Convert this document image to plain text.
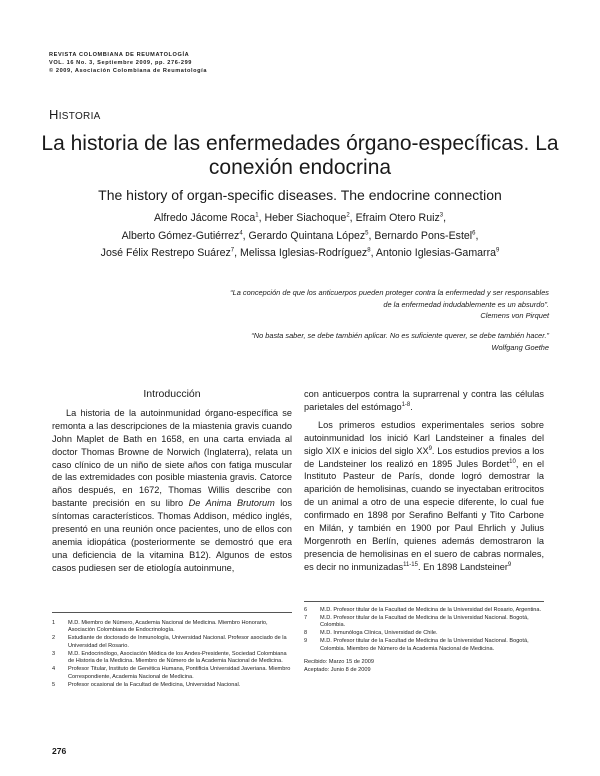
REVISTA COLOMBIANA DE REUMATOLOGÍA
VOL. 16 No. 3, Septiembre 2009, pp. 276-299
© 2009, Asociación Colombiana de Reumatología
HISTORIA
La historia de las enfermedades órgano-específicas. La conexión endocrina
The history of organ-specific diseases. The endocrine connection
Alfredo Jácome Roca$^1$, Heber Siachoque$^2$, Efraim Otero Ruiz$^3$,
Alberto Gómez-Gutiérrez$^4$, Gerardo Quintana López$^5$, Bernardo Pons-Estel$^6$,
José Félix Restrepo Suárez$^7$, Melissa Iglesias-Rodríguez$^8$, Antonio Iglesias-Gamarra$^9$
“La concepción de que los anticuerpos pueden proteger contra la enfermedad y ser responsables
de la enfermedad indudablemente es un absurdo”.
Clemens von Pirquet
“No basta saber, se debe también aplicar. No es suficiente querer, se debe también hacer.”
Wolfgang Goethe
Introducción

La historia de la autoinmunidad órgano-específica se remonta a las descripciones de la miastenia gravis cuando John Maplet de Bath en 1658, en una carta enviada al doctor Thomas Browne de Norwich (Inglaterra), relata un caso clínico de un niño de siete años con fatiga muscular de las extremidades con posible miastenia gravis. Catorce años después, en 1672, Thomas Willis describe con bastante precisión en su libro De Anima Brutorum los síntomas característicos. Thomas Addison, médico inglés, presentó en una reunión once pacientes, uno de ellos con anemia idiopática (posteriormente se demostró que era una deficiencia de la vitamina B12). Algunos de estos casos pudiesen ser de etiología autoinmune,

con anticuerpos contra la suprarrenal y contra las células parietales del estómago$^{1-8}$.

Los primeros estudios experimentales serios sobre autoinmunidad los inició Karl Landsteiner a finales del siglo XIX e inicios del siglo $XX^9$. Los estudios previos a los de Landsteiner los realizó en 1895 Jules Bordet$^{10}$, en el Instituto Pasteur de París, donde logró demostrar la aparición de hemolisinas, cuando se inyectaban eritrocitos de un animal a otro de una especie diferente, lo cual fue confirmado en 1898 por Serafino Belfanti y Tito Carbone en Milán, y también en 1900 por Paul Ehrlich y Julius Morgenroth en Berlín, quienes además demostraron la presencia de hemolisinas en el suero de cabras normales, es decir no inmunizadas$^{11-15}$. En 1898 Landsteiner$^9$

1	M.D. Miembro de Número, Academia Nacional de Medicina. Miembro Honorario, Asociación Colombiana de Endocrinología.
2	Estudiante de doctorado de Inmunología, Universidad Nacional. Profesor asociado de la Universidad del Rosario.
3	M.D. Endocrinólogo, Asociación Médica de los Andes-Presidente, Sociedad Colombiana de Historia de la Medicina. Miembro de Número de la Academia Nacional de Medicina.
4	Profesor Titular, Instituto de Genética Humana, Pontificia Universidad Javeriana. Miembro Correspondiente, Academia Nacional de Medicina.
5	Profesor ocasional de la Facultad de Medicina, Universidad Nacional.
6	M.D. Profesor titular de la Facultad de Medicina de la Universidad del Rosario, Argentina.
7	M.D. Profesor titular de la Facultad de Medicina de la Universidad Nacional. Bogotá, Colombia.
8	M.D. Inmunóloga Clínica, Universidad de Chile.
9	M.D. Profesor titular de la Facultad de Medicina de la Universidad Nacional. Bogotá, Colombia. Miembro de Número de la Academia Nacional de Medicina.
Recibido: Marzo 15 de 2009
Aceptado: Junio 8 de 2009
276
